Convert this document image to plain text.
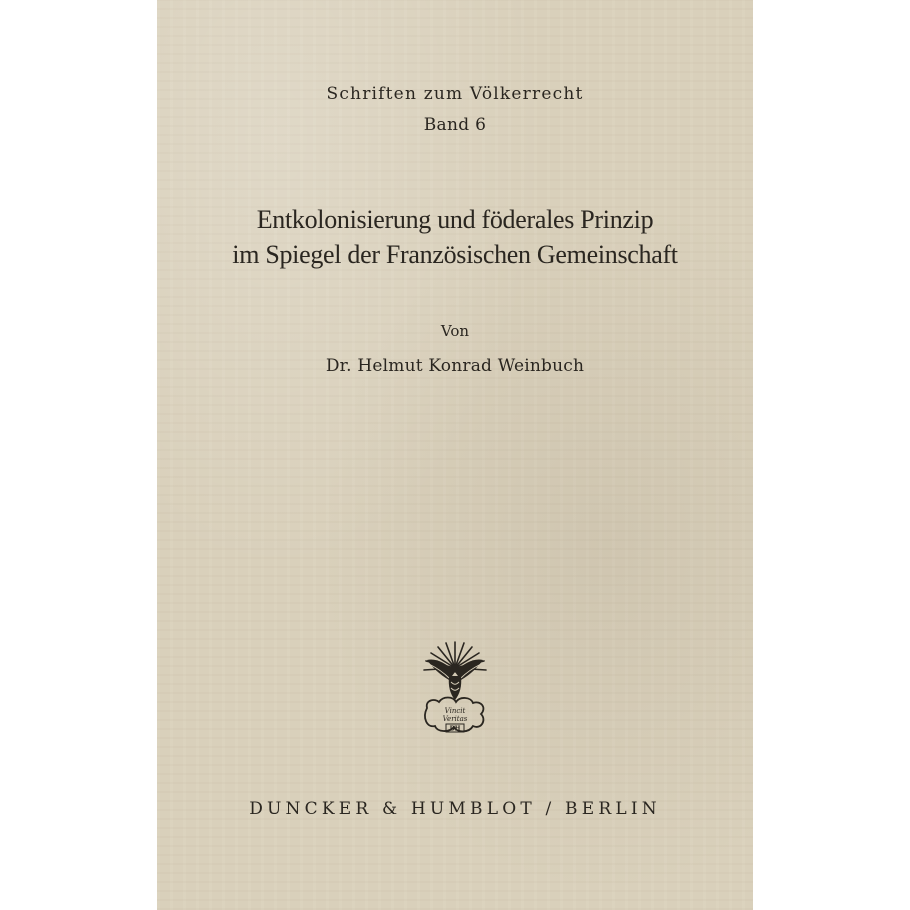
Schriften zum Völkerrecht
Band 6
Entkolonisierung und föderales Prinzip
im Spiegel der Französischen Gemeinschaft
Von
Dr. Helmut Konrad Weinbuch
Vincit
Veritas
DH
DUNCKER & HUMBLOT / BERLIN
